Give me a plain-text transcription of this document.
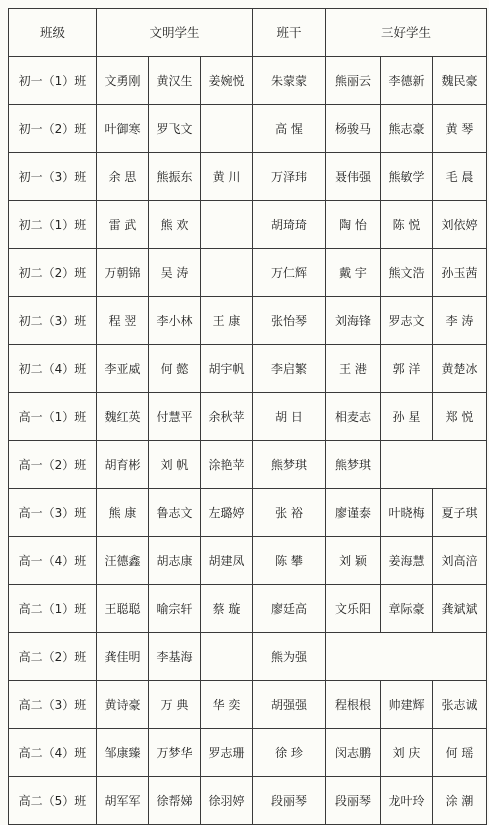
班级	文明学生			班干	三好学生		
初一（1）班	文勇刚	黄汉生	姜婉悦	朱蒙蒙	熊丽云	李德新	魏民豪
初一（2）班	叶御寒	罗飞文		高 惺	杨骏马	熊志豪	黄 琴
初一（3）班	余 思	熊振东	黄 川	万泽玮	聂伟强	熊敏学	毛 晨
初二（1）班	雷 武	熊 欢		胡琦琦	陶 怡	陈 悦	刘依婷
初二（2）班	万朝锦	吴 涛		万仁辉	戴 宇	熊文浩	孙玉茜
初二（3）班	程 翌	李小林	王 康	张怡琴	刘海锋	罗志文	李 涛
初二（4）班	李亚威	何 懿	胡宇帆	李启繁	王 港	郭 洋	黄楚冰
高一（1）班	魏红英	付慧平	余秋苹	胡 日	相麦志	孙 星	郑 悦
高一（2）班	胡育彬	刘 帆	涂艳苹	熊梦琪	熊梦琪		
高一（3）班	熊 康	鲁志文	左璐婷	张 裕	廖谨泰	叶晓梅	夏子琪
高一（4）班	汪德鑫	胡志康	胡建凤	陈 攀	刘 颖	姜海慧	刘高涪
高二（1）班	王聪聪	喻宗轩	蔡 璇	廖廷高	文乐阳	章际豪	龚斌斌
高二（2）班	龚佳明	李基海		熊为强			
高二（3）班	黄诗豪	万 典	华 奕	胡强强	程根根	帅建辉	张志诚
高二（4）班	邹康臻	万梦华	罗志珊	徐 珍	闵志鹏	刘 庆	何 瑶
高二（5）班	胡军军	徐帮娣	徐羽婷	段丽琴	段丽琴	龙叶玲	涂 潮
